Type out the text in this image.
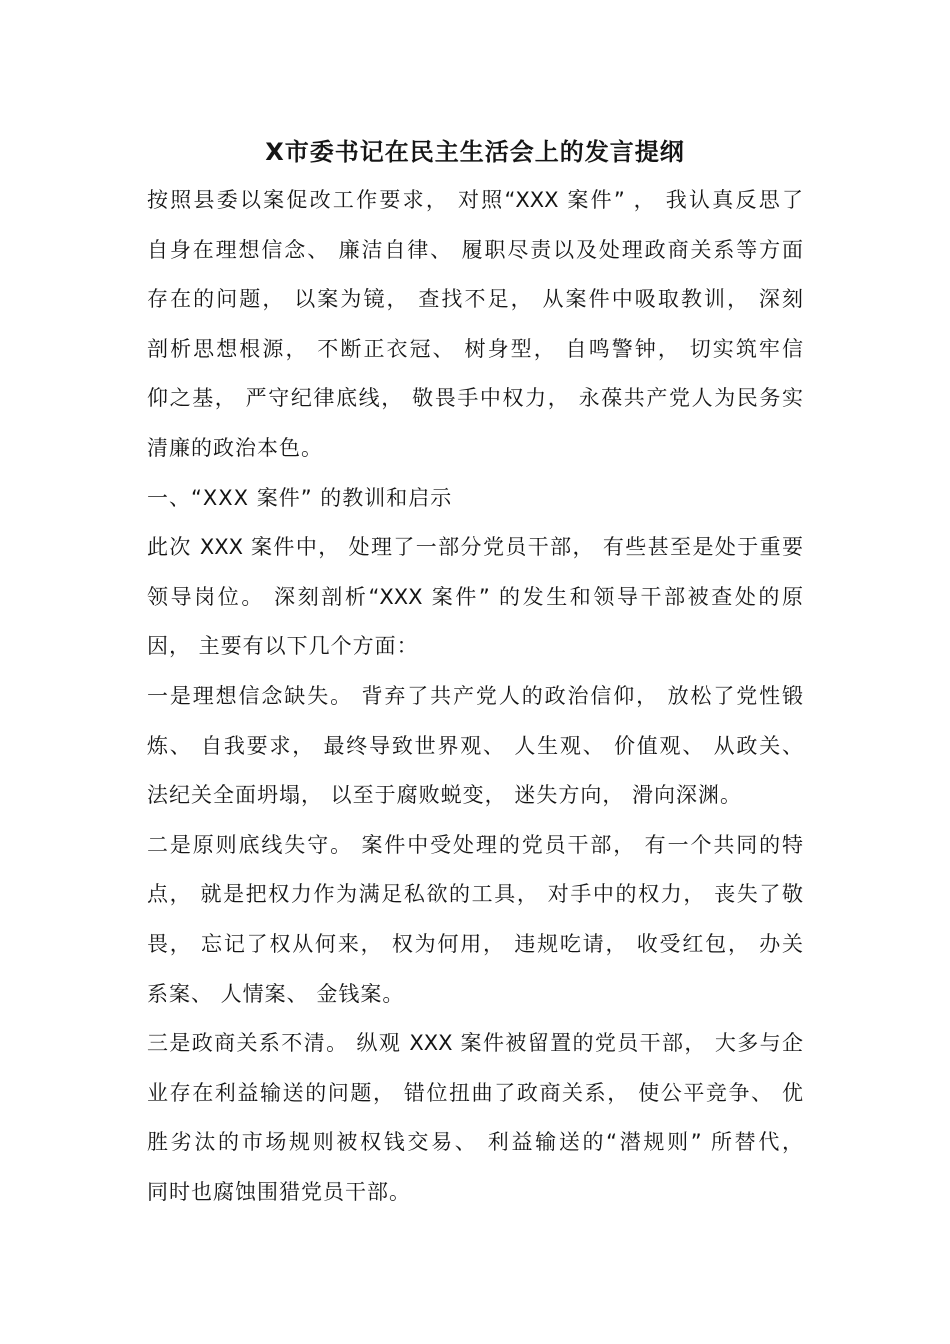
X市委书记在民主生活会上的发言提纲
按照县委以案促改工作要求， 对照“XXX 案件” ， 我认真反思了
自身在理想信念、 廉洁自律、 履职尽责以及处理政商关系等方面
存在的问题， 以案为镜， 查找不足， 从案件中吸取教训， 深刻
剖析思想根源， 不断正衣冠、 树身型， 自鸣警钟， 切实筑牢信
仰之基， 严守纪律底线， 敬畏手中权力， 永葆共产党人为民务实
清廉的政治本色。
一、“XXX 案件” 的教训和启示
此次 XXX 案件中， 处理了一部分党员干部， 有些甚至是处于重要
领导岗位。 深刻剖析“XXX 案件” 的发生和领导干部被查处的原
因， 主要有以下几个方面：
一是理想信念缺失。 背弃了共产党人的政治信仰， 放松了党性锻
炼、 自我要求， 最终导致世界观、 人生观、 价值观、 从政关、
法纪关全面坍塌， 以至于腐败蜕变， 迷失方向， 滑向深渊。
二是原则底线失守。 案件中受处理的党员干部， 有一个共同的特
点， 就是把权力作为满足私欲的工具， 对手中的权力， 丧失了敬
畏， 忘记了权从何来， 权为何用， 违规吃请， 收受红包， 办关
系案、 人情案、 金钱案。
三是政商关系不清。 纵观 XXX 案件被留置的党员干部， 大多与企
业存在利益输送的问题， 错位扭曲了政商关系， 使公平竞争、 优
胜劣汰的市场规则被权钱交易、 利益输送的“潜规则” 所替代，
同时也腐蚀围猎党员干部。
